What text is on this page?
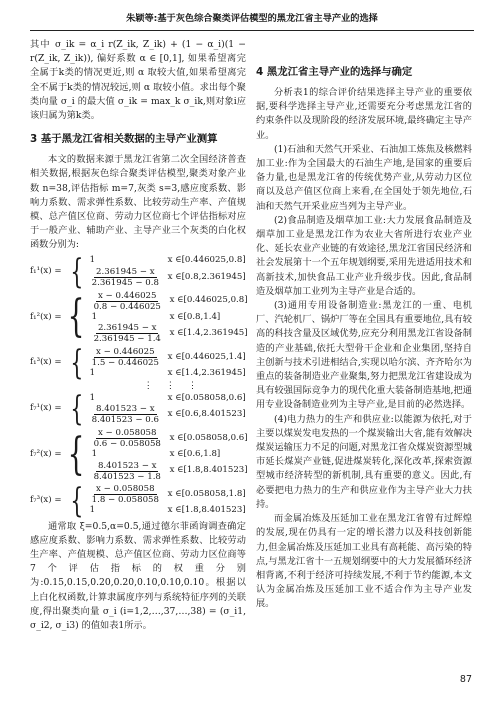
朱颖等:基于灰色综合聚类评估模型的黑龙江省主导产业的选择

其中 σ_ik = α_i r(Z_ik, Z_ik) + (1 − α_i)(1 − r(Z_ik, Z_ik)), 偏好系数 α ∈ [0,1], 如果希望离完全属于k类的情况更近,则 α 取较大值,如果希望离完全不属于k类的情况较远,则 α 取较小值。求出每个聚类向量 σ_i 的最大值 σ_ik = max_k σ_ik,则对象i应该归属为第k类。

3 基于黑龙江省相关数据的主导产业测算

本文的数据来源于黑龙江省第二次全国经济普查相关数据,根据灰色综合聚类评估模型,聚类对象产业数 n=38,评估指标 m=7,灰类 s=3,感应度系数、影响力系数、需求弹性系数、比较劳动生产率、产值规模、总产值区位商、劳动力区位商七个评估指标对应于一般产业、辅助产业、主导产业三个灰类的白化权函数分别为:

f₁¹(x) = { 1	x ∈[0.446025,0.8]
$\frac{2.361945 - x}{2.361945 - 0.8}$ x ∈[0.8,2.361945]
f₁²(x) = { $\frac{x - 0.446025}{0.8 - 0.446025}$ x ∈[0.446025,0.8]
1	x ∈[0.8,1.4]
$\frac{2.361945 - x}{2.361945 - 1.4}$ x ∈[1.4,2.361945]
f₁³(x) = { $\frac{x - 0.446025}{1.5 - 0.446025}$ x ∈[0.446025,1.4]
1	x ∈[1.4,2.361945]
⋮ ⋮ ⋮
f₇¹(x) = { 1	x ∈[0.058058,0.6]
$\frac{8.401523 - x}{8.401523 - 0.6}$ x ∈[0.6,8.401523]
f₇²(x) = { $\frac{x - 0.058058}{0.6 - 0.058058}$ x ∈[0.058058,0.6]
1	x ∈[0.6,1.8]
$\frac{8.401523 - x}{8.401523 - 1.8}$ x ∈[1.8,8.401523]
f₇³(x) = { $\frac{x - 0.058058}{1.8 - 0.058058}$ x ∈[0.058058,1.8]
1	x ∈[1.8,8.401523]

通常取 ξ=0.5,α=0.5,通过德尔菲函询调查确定感应度系数、影响力系数、需求弹性系数、比较劳动生产率、产值规模、总产值区位商、劳动力区位商等7个评估指标的权重分别为:0.15,0.15,0.20,0.20,0.10,0.10,0.10。根据以上白化权函数,计算隶属度序列与系统特征序列的关联度,得出聚类向量 σ_i (i=1,2,…,37,…,38) = (σ_i1, σ_i2, σ_i3) 的值如表1所示。

4 黑龙江省主导产业的选择与确定

分析表1的综合评价结果选择主导产业的重要依据,要科学选择主导产业,还需要充分考虑黑龙江省的约束条件以及现阶段的经济发展环境,最终确定主导产业。

(1)石油和天然气开采业、石油加工炼焦及核燃料加工业:作为全国最大的石油生产地,是国家的重要后备力量,也是黑龙江省的传统优势产业,从劳动力区位商以及总产值区位商上来看,在全国处于领先地位,石油和天然气开采业应当列为主导产业。

(2)食品制造及烟草加工业:大力发展食品制造及烟草加工业是黑龙江作为农业大省所进行农业产业化、延长农业产业链的有效途径,黑龙江省国民经济和社会发展第十一个五年规划纲要,采用先进适用技术和高新技术,加快食品工业产业升级步伐。因此,食品制造及烟草加工业列为主导产业是合适的。

(3)通用专用设备制造业:黑龙江的一重、电机厂、汽轮机厂、锅炉厂等在全国具有重要地位,具有较高的科技含量及区域优势,应充分利用黑龙江省设备制造的产业基础,依托大型骨干企业和企业集团,坚持自主创新与技术引进相结合,实现以哈尔滨、齐齐哈尔为重点的装备制造业产业聚集,努力把黑龙江省建设成为具有较强国际竞争力的现代化重大装备制造基地,把通用专业设备制造业列为主导产业,是目前的必然选择。

(4)电力热力的生产和供应业:以能源为依托,对于主要以煤炭发电发热的一个煤炭输出大省,能有效解决煤炭运输压力不足的问题,对黑龙江省众煤炭资源型城市延长煤炭产业链,促进煤炭转化,深化改革,探索资源型城市经济转型的新机制,具有重要的意义。因此,有必要把电力热力的生产和供应业作为主导产业大力扶持。

而金属冶炼及压延加工业在黑龙江省曾有过辉煌的发展,现在仍具有一定的增长潜力以及科技创新能力,但金属冶炼及压延加工业具有高耗能、高污染的特点,与黑龙江省十一五规划纲要中的大力发展循环经济相背离,不利于经济可持续发展,不利于节约能源,本文认为金属冶炼及压延加工业不适合作为主导产业发展。

87
